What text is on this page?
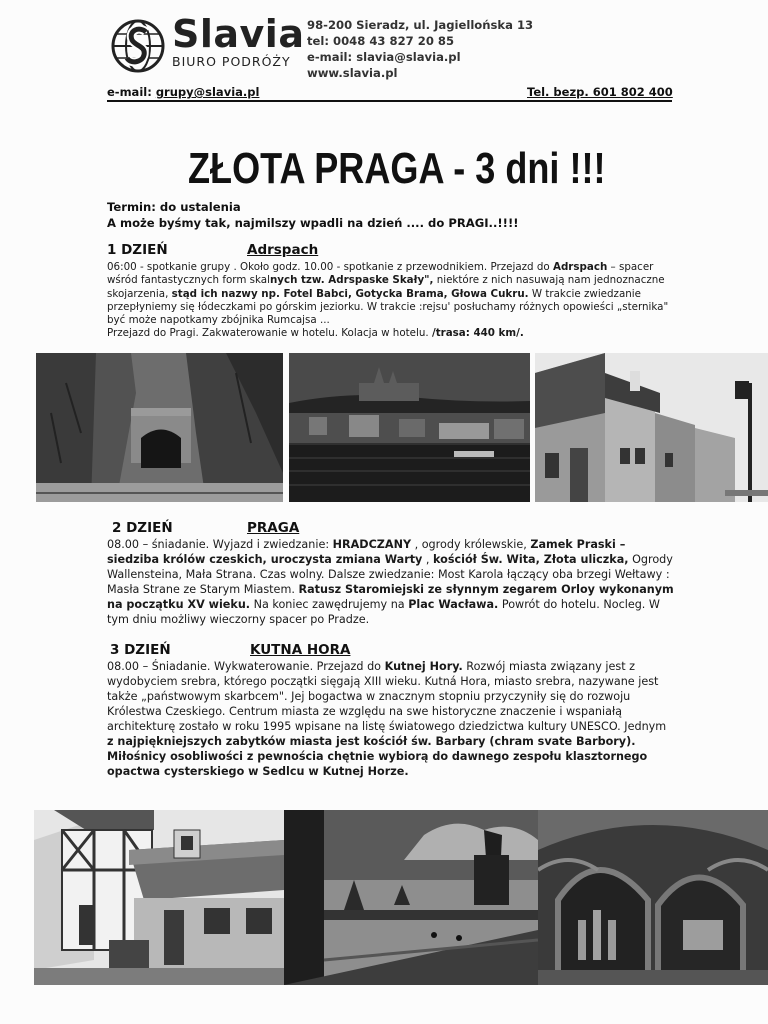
Slavia
BIURO PODRÓŻY
98-200 Sieradz, ul. Jagiellońska 13
tel: 0048 43 827 20 85
e-mail: slavia@slavia.pl
www.slavia.pl
e-mail: grupy@slavia.pl	Tel. bezp. 601 802 400
ZŁOTA PRAGA - 3 dni !!!
Termin: do ustalenia
A może byśmy tak, najmilszy wpadli na dzień .... do PRAGI..!!!!
1 DZIEŃ	Adrspach
06:00 - spotkanie grupy . Około godz. 10.00 - spotkanie z przewodnikiem. Przejazd do Adrspach – spacer wśród fantastycznych form skalnych tzw. Adrspaske Skały", niektóre z nich nasuwają nam jednoznaczne skojarzenia, stąd ich nazwy np. Fotel Babci, Gotycka Brama, Głowa Cukru. W trakcie zwiedzanie przepłyniemy się łódeczkami po górskim jeziorku. W trakcie :rejsu' posłuchamy różnych opowieści „sternika" być może napotkamy zbójnika Rumcajsa ...
Przejazd do Pragi. Zakwaterowanie w hotelu. Kolacja w hotelu. /trasa: 440 km/.
2 DZIEŃ	PRAGA
08.00 – śniadanie. Wyjazd i zwiedzanie: HRADCZANY , ogrody królewskie, Zamek Praski – siedziba królów czeskich, uroczysta zmiana Warty , kościół Św. Wita, Złota uliczka, Ogrody Wallensteina, Mała Strana. Czas wolny. Dalsze zwiedzanie: Most Karola łączący oba brzegi Wełtawy : Masła Strane ze Starym Miastem. Ratusz Staromiejski ze słynnym zegarem Orloy wykonanym na początku XV wieku. Na koniec zawędrujemy na Plac Wacława. Powrót do hotelu. Nocleg. W tym dniu możliwy wieczorny spacer po Pradze.
3 DZIEŃ	KUTNA HORA
08.00 – Śniadanie. Wykwaterowanie. Przejazd do Kutnej Hory. Rozwój miasta związany jest z wydobyciem srebra, którego początki sięgają XIII wieku. Kutná Hora, miasto srebra, nazywane jest także „państwowym skarbcem". Jej bogactwa w znacznym stopniu przyczyniły się do rozwoju Królestwa Czeskiego. Centrum miasta ze względu na swe historyczne znaczenie i wspaniałą architekturę zostało w roku 1995 wpisane na listę światowego dziedzictwa kultury UNESCO. Jednym z najpiękniejszych zabytków miasta jest kościół św. Barbary (chram svate Barbory). Miłośnicy osobliwości z pewnościa chętnie wybiorą do dawnego zespołu klasztornego opactwa cysterskiego w Sedlcu w Kutnej Horze.
